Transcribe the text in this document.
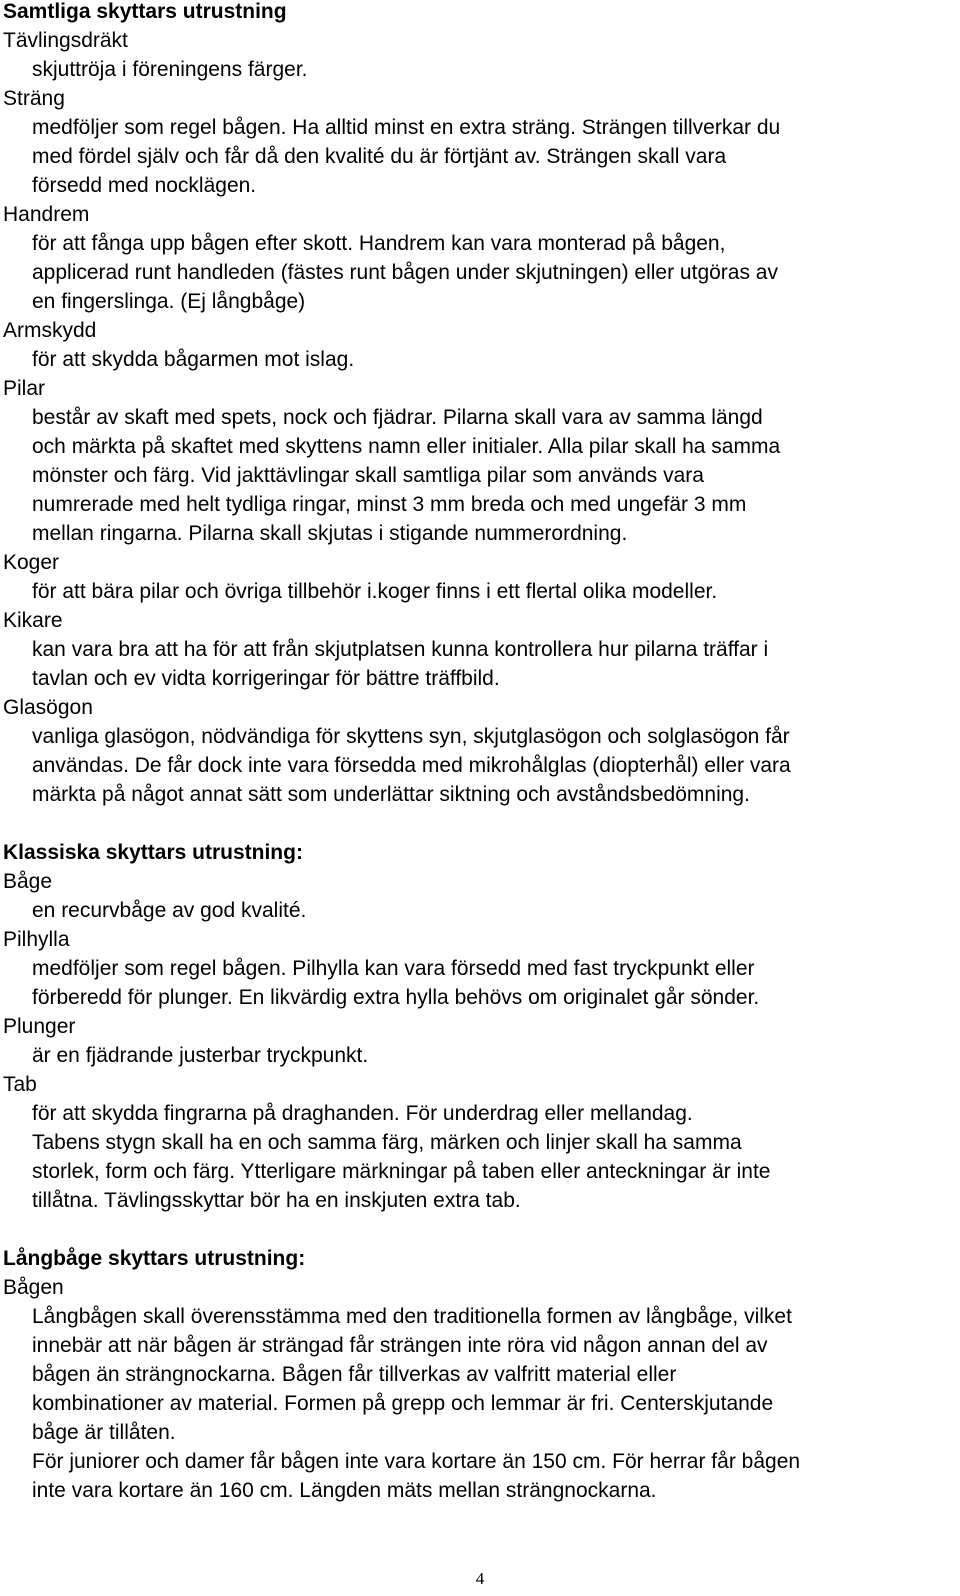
Samtliga skyttars utrustning

Tävlingsdräkt

skjuttröja i föreningens färger.

Sträng

medföljer som regel bågen. Ha alltid minst en extra sträng. Strängen tillverkar du

med fördel själv och får då den kvalité du är förtjänt av. Strängen skall vara

försedd med nocklägen.

Handrem

för att fånga upp bågen efter skott. Handrem kan vara monterad på bågen,

applicerad runt handleden (fästes runt bågen under skjutningen) eller utgöras av

en fingerslinga. (Ej långbåge)

Armskydd

för att skydda bågarmen mot islag.

Pilar

består av skaft med spets, nock och fjädrar. Pilarna skall vara av samma längd

och märkta på skaftet med skyttens namn eller initialer. Alla pilar skall ha samma

mönster och färg. Vid jakttävlingar skall samtliga pilar som används vara

numrerade med helt tydliga ringar, minst 3 mm breda och med ungefär 3 mm

mellan ringarna. Pilarna skall skjutas i stigande nummerordning.

Koger

för att bära pilar och övriga tillbehör i.koger finns i ett flertal olika modeller.

Kikare

kan vara bra att ha för att från skjutplatsen kunna kontrollera hur pilarna träffar i

tavlan och ev vidta korrigeringar för bättre träffbild.

Glasögon

vanliga glasögon, nödvändiga för skyttens syn, skjutglasögon och solglasögon får

användas. De får dock inte vara försedda med mikrohålglas (diopterhål) eller vara

märkta på något annat sätt som underlättar siktning och avståndsbedömning.

Klassiska skyttars utrustning:

Båge

en recurvbåge av god kvalité.

Pilhylla

medföljer som regel bågen. Pilhylla kan vara försedd med fast tryckpunkt eller

förberedd för plunger. En likvärdig extra hylla behövs om originalet går sönder.

Plunger

är en fjädrande justerbar tryckpunkt.

Tab

för att skydda fingrarna på draghanden. För underdrag eller mellandag.

Tabens stygn skall ha en och samma färg, märken och linjer skall ha samma

storlek, form och färg. Ytterligare märkningar på taben eller anteckningar är inte

tillåtna. Tävlingsskyttar bör ha en inskjuten extra tab.

Långbåge skyttars utrustning:

Bågen

Långbågen skall överensstämma med den traditionella formen av långbåge, vilket

innebär att när bågen är strängad får strängen inte röra vid någon annan del av

bågen än strängnockarna. Bågen får tillverkas av valfritt material eller

kombinationer av material. Formen på grepp och lemmar är fri. Centerskjutande

båge är tillåten.

För juniorer och damer får bågen inte vara kortare än 150 cm. För herrar får bågen

inte vara kortare än 160 cm. Längden mäts mellan strängnockarna.

4
